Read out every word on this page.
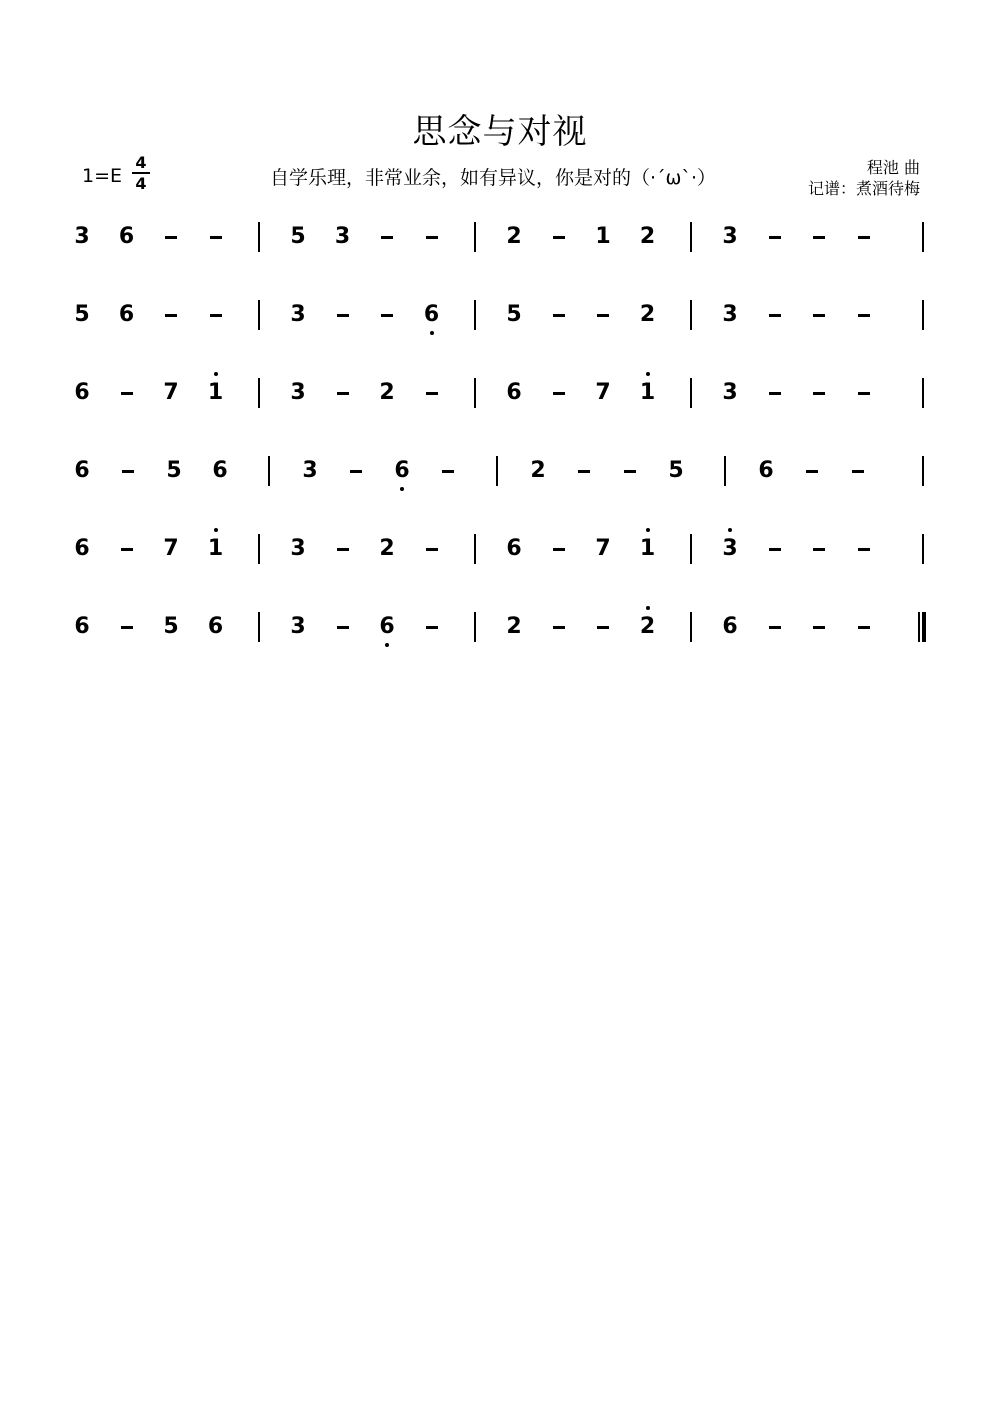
思念与对视
1=E
4
4	自学乐理，非常业余，如有异议，你是对的（·´ω`·）	程池 曲
记谱：煮酒待梅
3 6	5 3	2	1 2	3
5 6	3	6	5	2	3
6	7 1	3	2	6	7 1	3
6	5 6	3	6	2	5	6
6	7 1	3	2	6	7 1	3
6	5 6	3	6	2	2	6
